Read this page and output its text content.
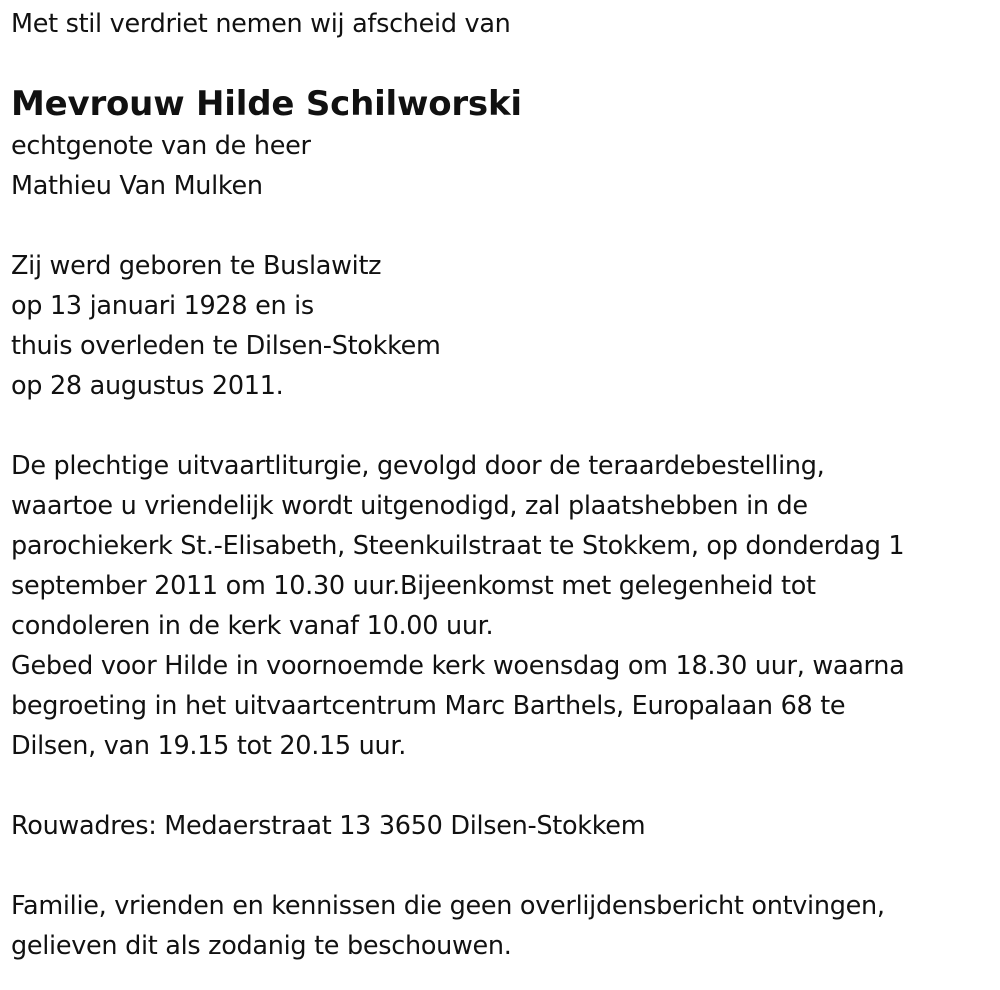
Met stil verdriet nemen wij afscheid van
Mevrouw Hilde Schilworski
echtgenote van de heer
Mathieu Van Mulken
Zij werd geboren te Buslawitz
op 13 januari 1928 en is
thuis overleden te Dilsen-Stokkem
op 28 augustus 2011.
De plechtige uitvaartliturgie, gevolgd door de teraardebestelling,
waartoe u vriendelijk wordt uitgenodigd, zal plaatshebben in de
parochiekerk St.-Elisabeth, Steenkuilstraat te Stokkem, op donderdag 1
september 2011 om 10.30 uur.Bijeenkomst met gelegenheid tot
condoleren in de kerk vanaf 10.00 uur.
Gebed voor Hilde in voornoemde kerk woensdag om 18.30 uur, waarna
begroeting in het uitvaartcentrum Marc Barthels, Europalaan 68 te
Dilsen, van 19.15 tot 20.15 uur.
Rouwadres: Medaerstraat 13 3650 Dilsen-Stokkem
Familie, vrienden en kennissen die geen overlijdensbericht ontvingen,
gelieven dit als zodanig te beschouwen.
